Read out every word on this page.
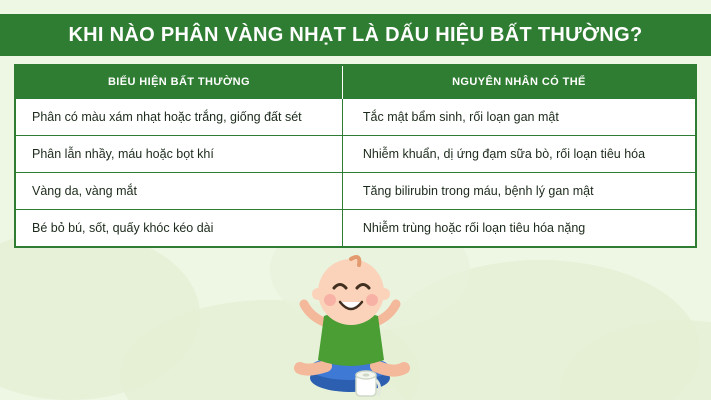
KHI NÀO PHÂN VÀNG NHẠT LÀ DẤU HIỆU BẤT THƯỜNG?
BIỂU HIỆN BẤT THƯỜNG	NGUYÊN NHÂN CÓ THỂ
Phân có màu xám nhạt hoặc trắng, giống đất sét	Tắc mật bẩm sinh, rối loạn gan mật
Phân lẫn nhầy, máu hoặc bọt khí	Nhiễm khuẩn, dị ứng đạm sữa bò, rối loạn tiêu hóa
Vàng da, vàng mắt	Tăng bilirubin trong máu, bệnh lý gan mật
Bé bỏ bú, sốt, quấy khóc kéo dài	Nhiễm trùng hoặc rối loạn tiêu hóa nặng
